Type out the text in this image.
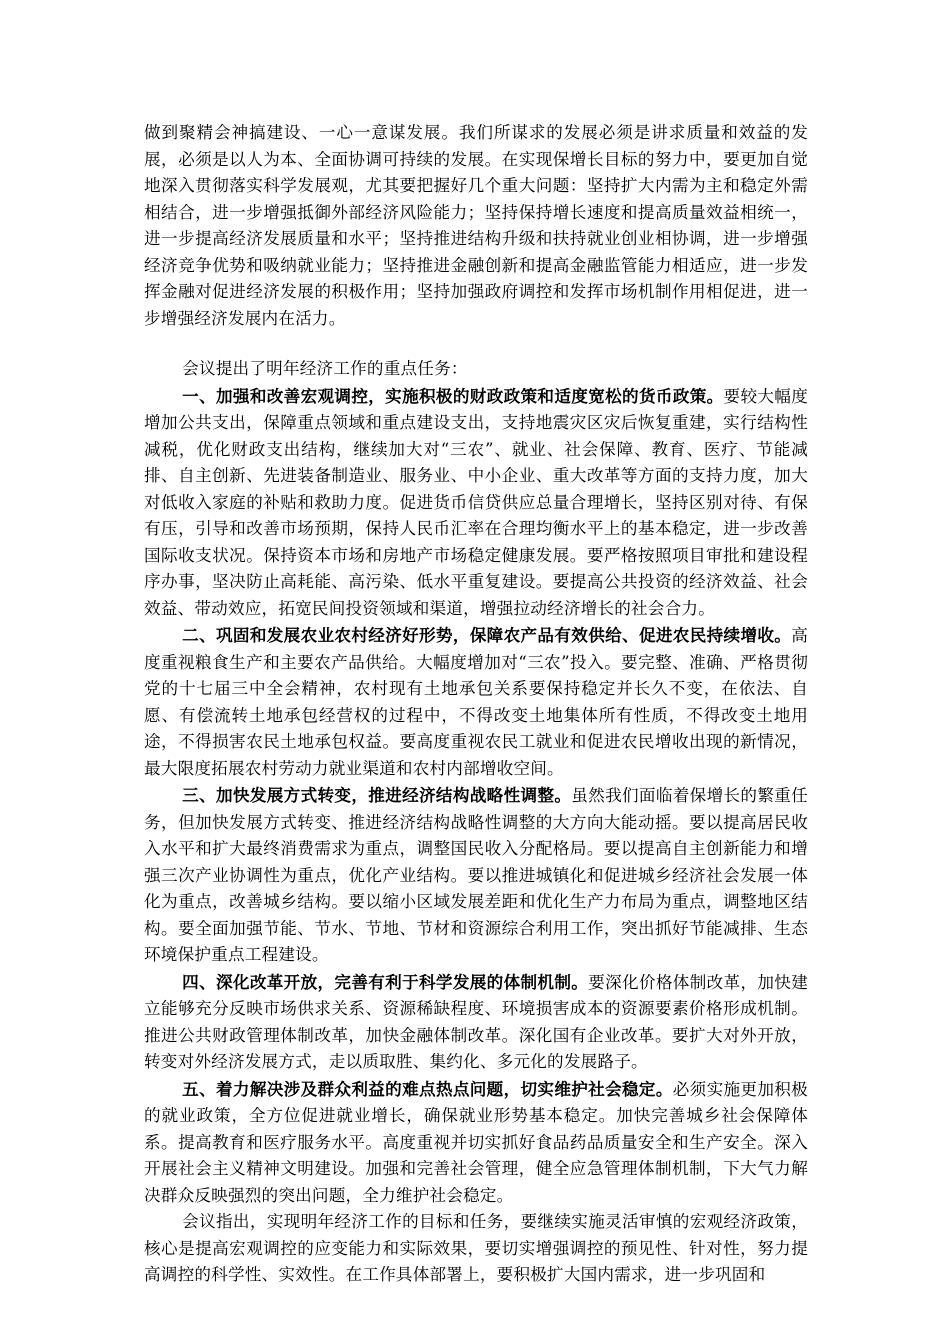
做到聚精会神搞建设、一心一意谋发展。我们所谋求的发展必须是讲求质量和效益的发展，必须是以人为本、全面协调可持续的发展。在实现保增长目标的努力中，要更加自觉地深入贯彻落实科学发展观，尤其要把握好几个重大问题：坚持扩大内需为主和稳定外需相结合，进一步增强抵御外部经济风险能力；坚持保持增长速度和提高质量效益相统一，进一步提高经济发展质量和水平；坚持推进结构升级和扶持就业创业相协调，进一步增强经济竞争优势和吸纳就业能力；坚持推进金融创新和提高金融监管能力相适应，进一步发挥金融对促进经济发展的积极作用；坚持加强政府调控和发挥市场机制作用相促进，进一步增强经济发展内在活力。

会议提出了明年经济工作的重点任务：

一、加强和改善宏观调控，实施积极的财政政策和适度宽松的货币政策。要较大幅度增加公共支出，保障重点领域和重点建设支出，支持地震灾区灾后恢复重建，实行结构性减税，优化财政支出结构，继续加大对“三农”、就业、社会保障、教育、医疗、节能减排、自主创新、先进装备制造业、服务业、中小企业、重大改革等方面的支持力度，加大对低收入家庭的补贴和救助力度。促进货币信贷供应总量合理增长，坚持区别对待、有保有压，引导和改善市场预期，保持人民币汇率在合理均衡水平上的基本稳定，进一步改善国际收支状况。保持资本市场和房地产市场稳定健康发展。要严格按照项目审批和建设程序办事，坚决防止高耗能、高污染、低水平重复建设。要提高公共投资的经济效益、社会效益、带动效应，拓宽民间投资领域和渠道，增强拉动经济增长的社会合力。

二、巩固和发展农业农村经济好形势，保障农产品有效供给、促进农民持续增收。高度重视粮食生产和主要农产品供给。大幅度增加对“三农”投入。要完整、准确、严格贯彻党的十七届三中全会精神，农村现有土地承包关系要保持稳定并长久不变，在依法、自愿、有偿流转土地承包经营权的过程中，不得改变土地集体所有性质，不得改变土地用途，不得损害农民土地承包权益。要高度重视农民工就业和促进农民增收出现的新情况，最大限度拓展农村劳动力就业渠道和农村内部增收空间。

三、加快发展方式转变，推进经济结构战略性调整。虽然我们面临着保增长的繁重任务，但加快发展方式转变、推进经济结构战略性调整的大方向大能动摇。要以提高居民收入水平和扩大最终消费需求为重点，调整国民收入分配格局。要以提高自主创新能力和增强三次产业协调性为重点，优化产业结构。要以推进城镇化和促进城乡经济社会发展一体化为重点，改善城乡结构。要以缩小区域发展差距和优化生产力布局为重点，调整地区结构。要全面加强节能、节水、节地、节材和资源综合利用工作，突出抓好节能减排、生态环境保护重点工程建设。

四、深化改革开放，完善有利于科学发展的体制机制。要深化价格体制改革，加快建立能够充分反映市场供求关系、资源稀缺程度、环境损害成本的资源要素价格形成机制。推进公共财政管理体制改革，加快金融体制改革。深化国有企业改革。要扩大对外开放，转变对外经济发展方式，走以质取胜、集约化、多元化的发展路子。

五、着力解决涉及群众利益的难点热点问题，切实维护社会稳定。必须实施更加积极的就业政策，全方位促进就业增长，确保就业形势基本稳定。加快完善城乡社会保障体系。提高教育和医疗服务水平。高度重视并切实抓好食品药品质量安全和生产安全。深入开展社会主义精神文明建设。加强和完善社会管理，健全应急管理体制机制，下大气力解决群众反映强烈的突出问题，全力维护社会稳定。

会议指出，实现明年经济工作的目标和任务，要继续实施灵活审慎的宏观经济政策，核心是提高宏观调控的应变能力和实际效果，要切实增强调控的预见性、针对性，努力提高调控的科学性、实效性。在工作具体部署上，要积极扩大国内需求，进一步巩固和
